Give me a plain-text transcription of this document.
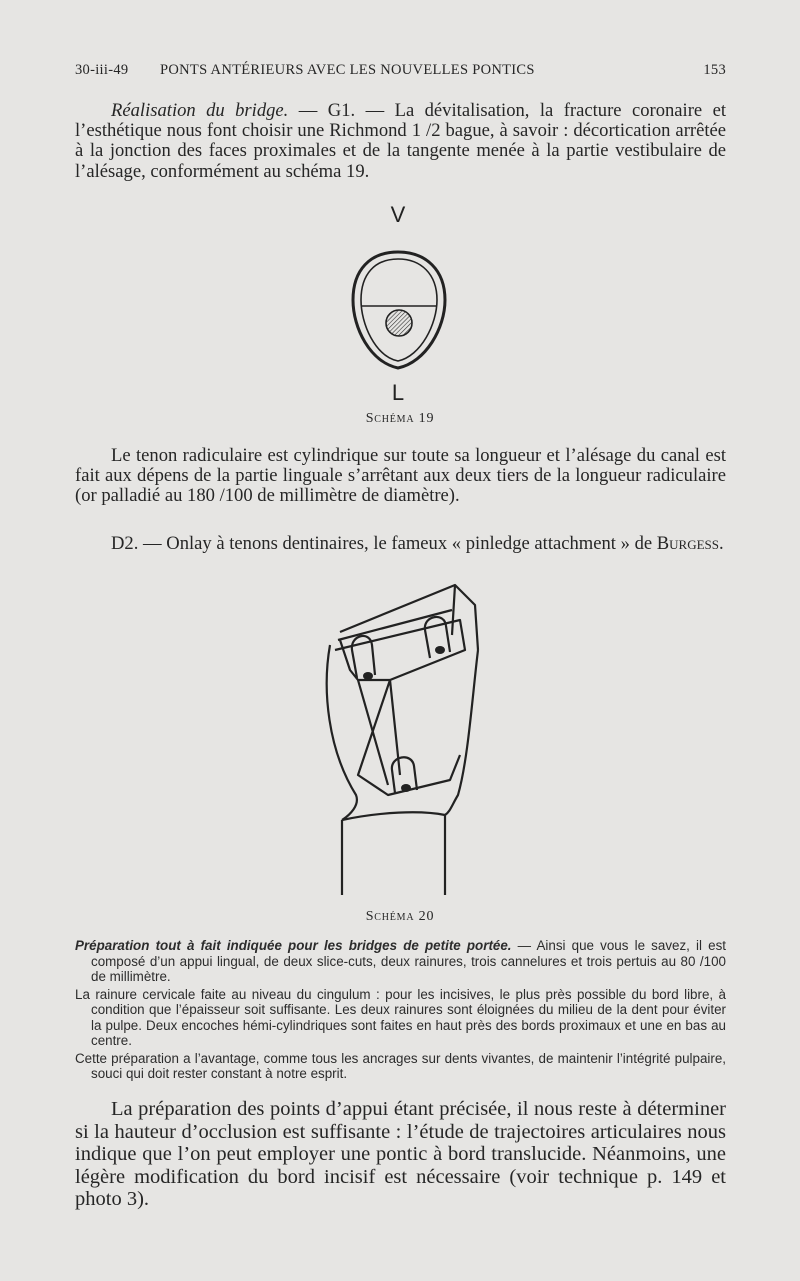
30-iii-49 PONTS ANTÉRIEURS AVEC LES NOUVELLES PONTICS	153

Réalisation du bridge. — G1. — La dévitalisation, la fracture coronaire et l’esthétique nous font choisir une Richmond 1 /2 bague, à savoir : décortication arrêtée à la jonction des faces proximales et de la tangente menée à la partie vestibulaire de l’alésage, conformément au schéma 19.

V
L
Schéma 19

Le tenon radiculaire est cylindrique sur toute sa longueur et l’alésage du canal est fait aux dépens de la partie linguale s’arrêtant aux deux tiers de la longueur radiculaire (or palladié au 180 /100 de millimètre de diamètre).

D2. — Onlay à tenons dentinaires, le fameux « pinledge attachment » de Burgess.

Schéma 20

Préparation tout à fait indiquée pour les bridges de petite portée. — Ainsi que vous le savez, il est composé d’un appui lingual, de deux slice-cuts, deux rainures, trois cannelures et trois pertuis au 80 /100 de millimètre.

La rainure cervicale faite au niveau du cingulum : pour les incisives, le plus près possible du bord libre, à condition que l’épaisseur soit suffisante. Les deux rainures sont éloignées du milieu de la dent pour éviter la pulpe. Deux encoches hémi-cylindriques sont faites en haut près des bords proximaux et une en bas au centre.

Cette préparation a l’avantage, comme tous les ancrages sur dents vivantes, de maintenir l’intégrité pulpaire, souci qui doit rester constant à notre esprit.

La préparation des points d’appui étant précisée, il nous reste à déterminer si la hauteur d’occlusion est suffisante : l’étude de trajectoires articulaires nous indique que l’on peut employer une pontic à bord translucide. Néanmoins, une légère modification du bord incisif est nécessaire (voir technique p. 149 et photo 3).
